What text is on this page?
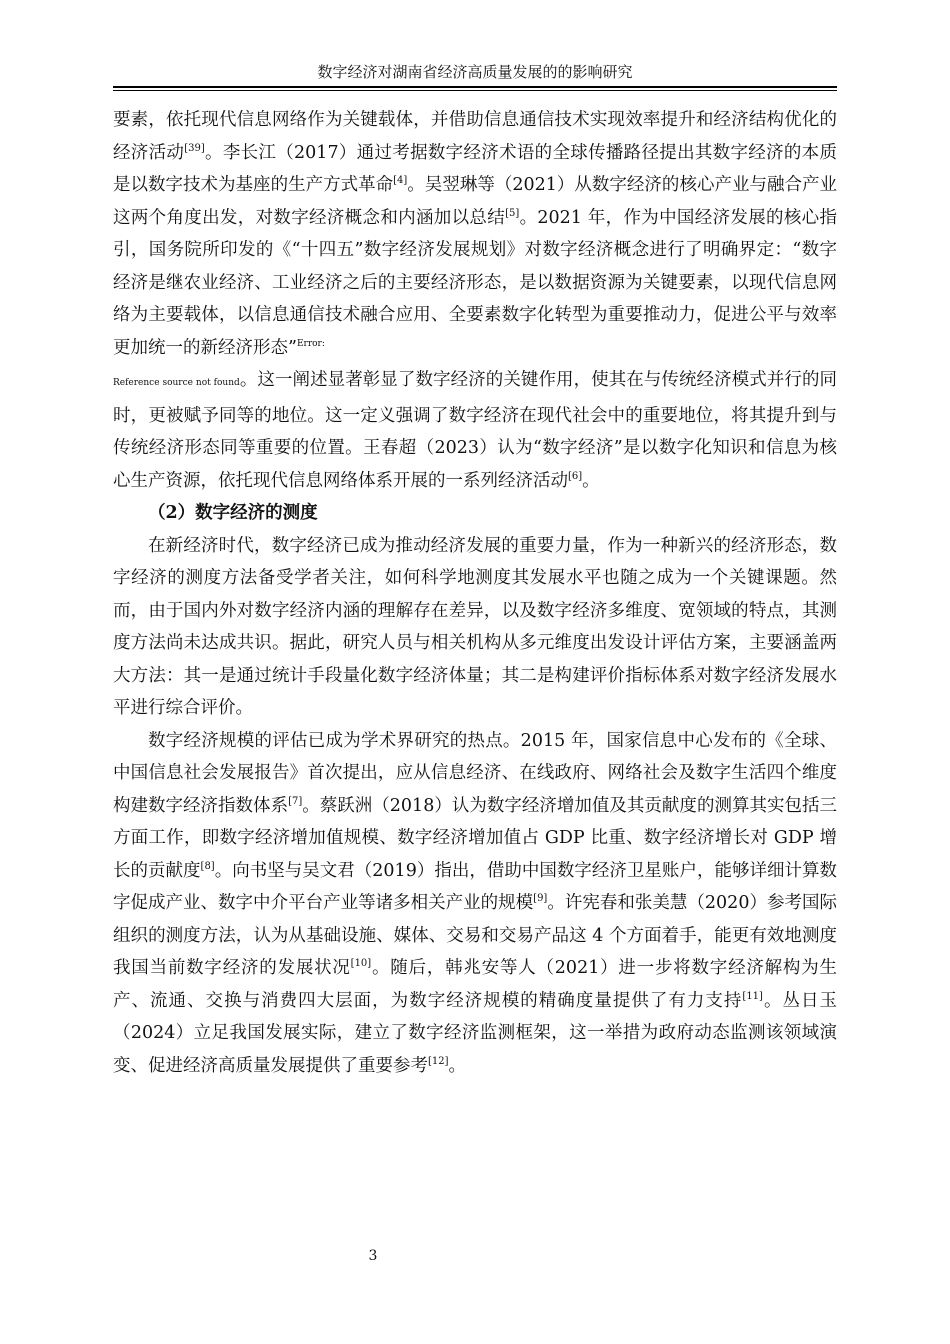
数字经济对湖南省经济高质量发展的的影响研究

要素，依托现代信息网络作为关键载体，并借助信息通信技术实现效率提升和经济结构优化的经济活动[39]。李长江（2017）通过考据数字经济术语的全球传播路径提出其数字经济的本质是以数字技术为基座的生产方式革命[4]。吴翌琳等（2021）从数字经济的核心产业与融合产业这两个角度出发，对数字经济概念和内涵加以总结[5]。2021 年，作为中国经济发展的核心指引，国务院所印发的《“十四五”数字经济发展规划》对数字经济概念进行了明确界定：“数字经济是继农业经济、工业经济之后的主要经济形态，是以数据资源为关键要素，以现代信息网络为主要载体，以信息通信技术融合应用、全要素数字化转型为重要推动力，促进公平与效率更加统一的新经济形态”$^{Error:}$
Reference source not found。这一阐述显著彰显了数字经济的关键作用，使其在与传统经济模式并行的同时，更被赋予同等的地位。这一定义强调了数字经济在现代社会中的重要地位，将其提升到与传统经济形态同等重要的位置。王春超（2023）认为“数字经济”是以数字化知识和信息为核心生产资源，依托现代信息网络体系开展的一系列经济活动[6]。

（2）数字经济的测度

在新经济时代，数字经济已成为推动经济发展的重要力量，作为一种新兴的经济形态，数字经济的测度方法备受学者关注，如何科学地测度其发展水平也随之成为一个关键课题。然而，由于国内外对数字经济内涵的理解存在差异，以及数字经济多维度、宽领域的特点，其测度方法尚未达成共识。据此，研究人员与相关机构从多元维度出发设计评估方案，主要涵盖两大方法：其一是通过统计手段量化数字经济体量；其二是构建评价指标体系对数字经济发展水平进行综合评价。

数字经济规模的评估已成为学术界研究的热点。2015 年，国家信息中心发布的《全球、中国信息社会发展报告》首次提出，应从信息经济、在线政府、网络社会及数字生活四个维度构建数字经济指数体系[7]。蔡跃洲（2018）认为数字经济增加值及其贡献度的测算其实包括三方面工作，即数字经济增加值规模、数字经济增加值占 GDP 比重、数字经济增长对 GDP 增长的贡献度[8]。向书坚与吴文君（2019）指出，借助中国数字经济卫星账户，能够详细计算数字促成产业、数字中介平台产业等诸多相关产业的规模[9]。许宪春和张美慧（2020）参考国际组织的测度方法，认为从基础设施、媒体、交易和交易产品这 4 个方面着手，能更有效地测度我国当前数字经济的发展状况[10]。随后，韩兆安等人（2021）进一步将数字经济解构为生产、流通、交换与消费四大层面，为数字经济规模的精确度量提供了有力支持[11]。丛日玉（2024）立足我国发展实际，建立了数字经济监测框架，这一举措为政府动态监测该领域演变、促进经济高质量发展提供了重要参考[12]。

3
